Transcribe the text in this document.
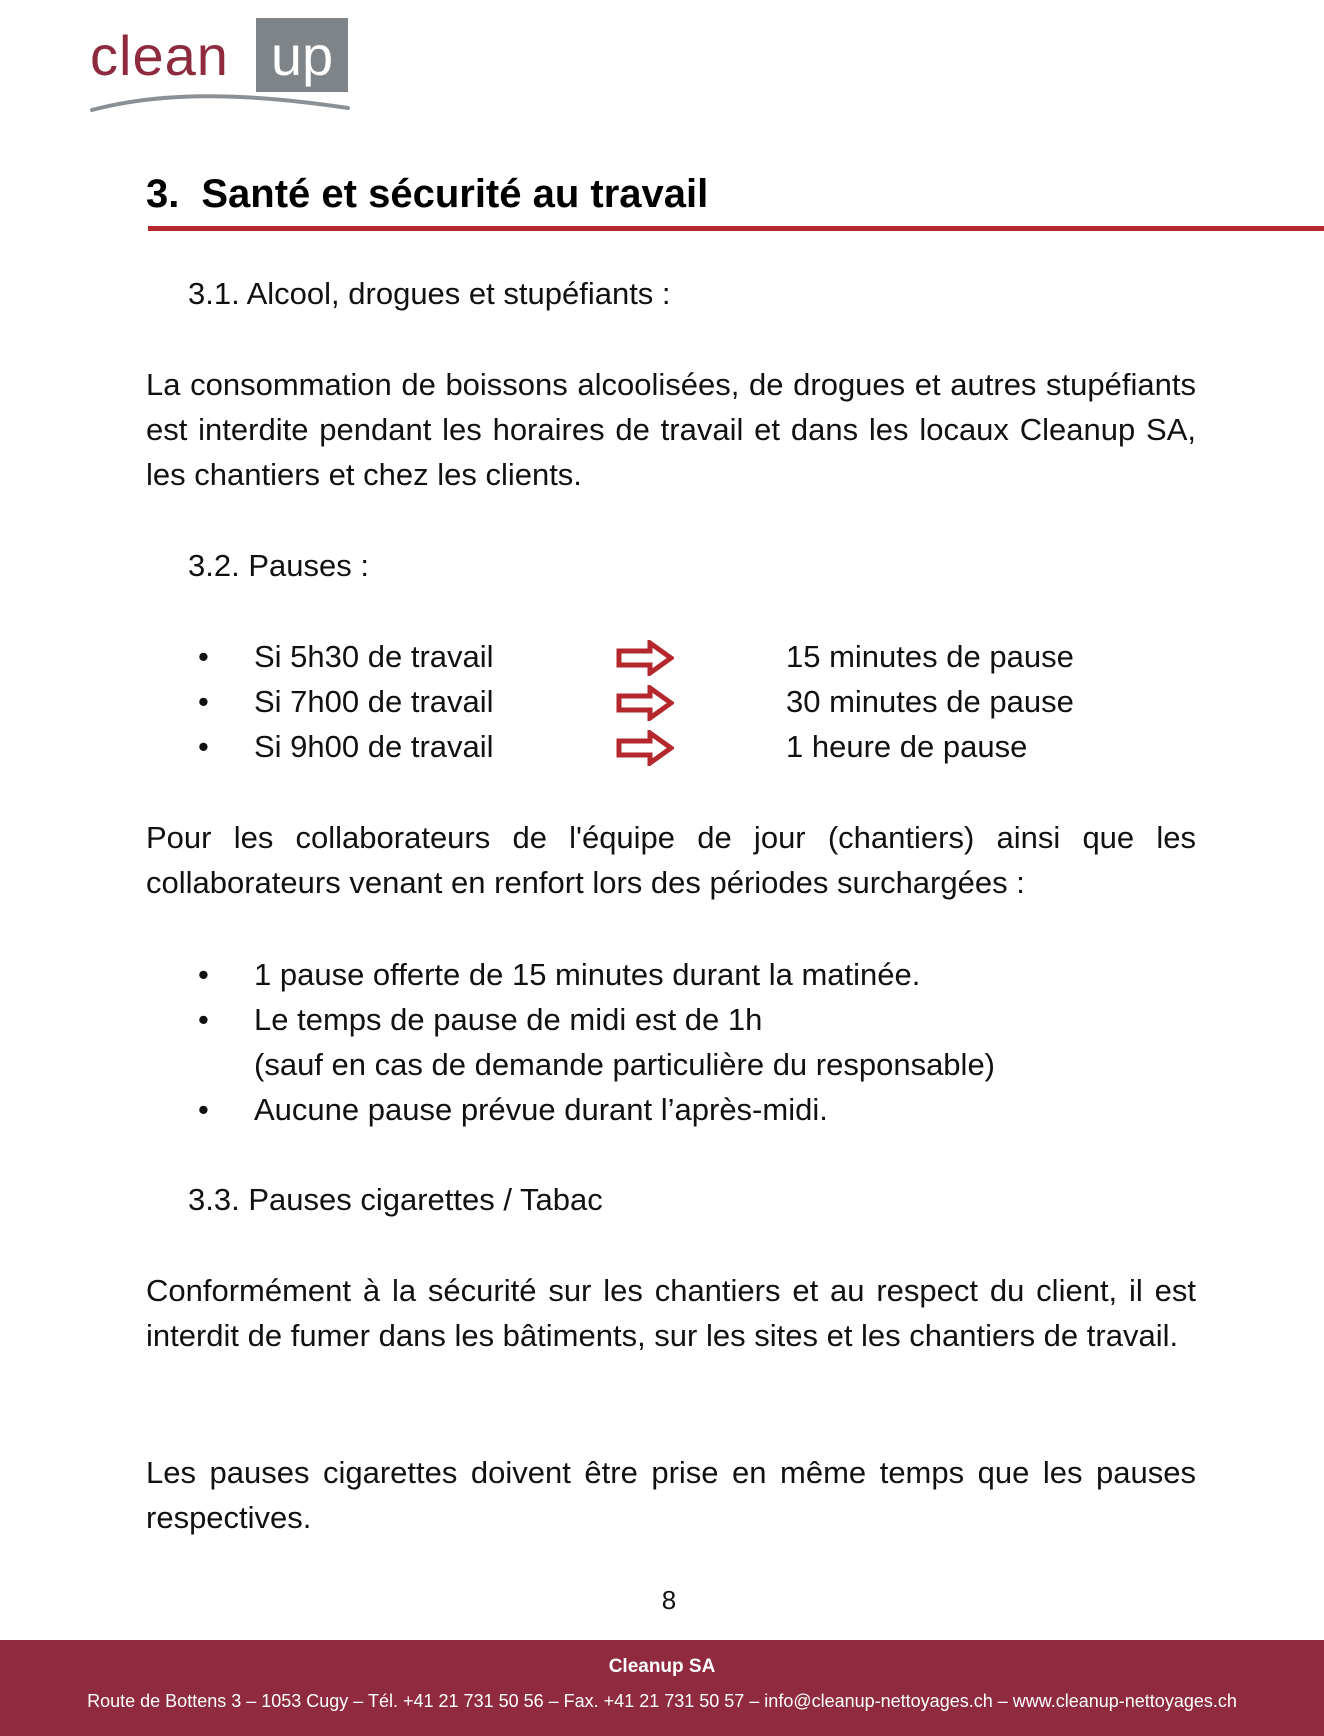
clean up
3. Santé et sécurité au travail

3.1. Alcool, drogues et stupéfiants :

La consommation de boissons alcoolisées, de drogues et autres stupéfiants est interdite pendant les horaires de travail et dans les locaux Cleanup SA, les chantiers et chez les clients.

3.2. Pauses :

• Si 5h30 de travail	15 minutes de pause
• Si 7h00 de travail	30 minutes de pause
• Si 9h00 de travail	1 heure de pause

Pour les collaborateurs de l'équipe de jour (chantiers) ainsi que les collaborateurs venant en renfort lors des périodes surchargées :

• 1 pause offerte de 15 minutes durant la matinée.
• Le temps de pause de midi est de 1h
(sauf en cas de demande particulière du responsable)
• Aucune pause prévue durant l’après-midi.

3.3. Pauses cigarettes / Tabac

Conformément à la sécurité sur les chantiers et au respect du client, il est interdit de fumer dans les bâtiments, sur les sites et les chantiers de travail.

Les pauses cigarettes doivent être prise en même temps que les pauses respectives.

8
Cleanup SA
Route de Bottens 3 – 1053 Cugy – Tél. +41 21 731 50 56 – Fax. +41 21 731 50 57 – info@cleanup-nettoyages.ch – www.cleanup-nettoyages.ch
